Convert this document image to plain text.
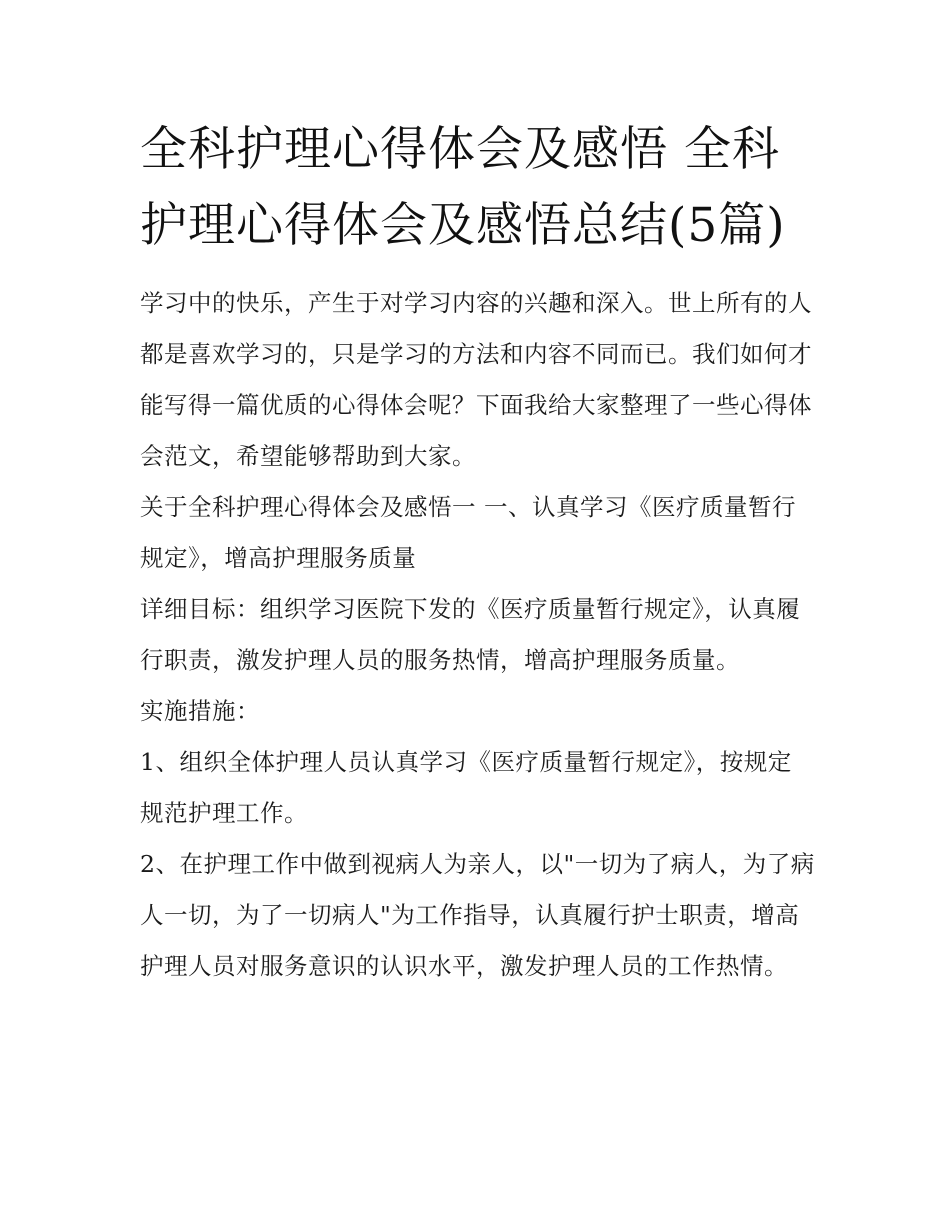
全科护理心得体会及感悟 全科护理心得体会及感悟总结(5篇)

学习中的快乐，产生于对学习内容的兴趣和深入。世上所有的人都是喜欢学习的，只是学习的方法和内容不同而已。我们如何才能写得一篇优质的心得体会呢？下面我给大家整理了一些心得体会范文，希望能够帮助到大家。

关于全科护理心得体会及感悟一 一、认真学习《医疗质量暂行规定》，增高护理服务质量

详细目标：组织学习医院下发的《医疗质量暂行规定》，认真履行职责，激发护理人员的服务热情，增高护理服务质量。

实施措施：

1、组织全体护理人员认真学习《医疗质量暂行规定》，按规定规范护理工作。

2、在护理工作中做到视病人为亲人，以"一切为了病人，为了病人一切，为了一切病人"为工作指导，认真履行护士职责，增高护理人员对服务意识的认识水平，激发护理人员的工作热情。
